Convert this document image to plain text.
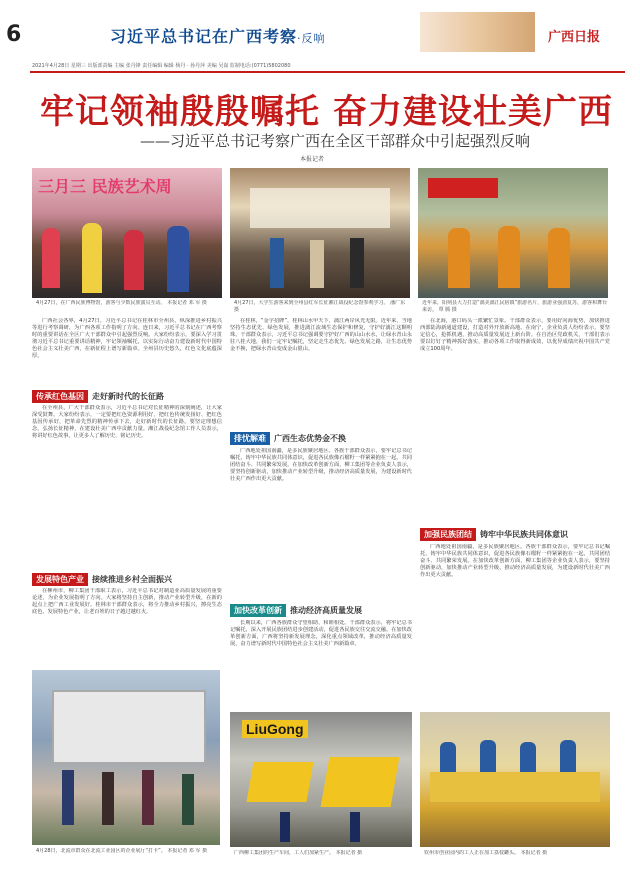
6	习近平总书记在广西考察·反响	广西日报
2021年4月28日 星期三 出版部责编 主编 张丹锋 责任编辑 编辑 杨丹 · 孙丹萍 美编 吴嵩 监制电话:(0771)5802080
牢记领袖殷殷嘱托 奋力建设壮美广西
——习近平总书记考察广西在全区干部群众中引起强烈反响
本报记者
三月三 民族艺术周
4月27日，在广西民族博物馆，游客与少数民族演员互动。 本报记者 邓 军 摄	4月27日，大学生游客来到全州县红军长征湘江战役纪念馆参观学习。 潘广东 摄
近年来，阳朔县大力打造“漓美漓江民宿镇”旅游名片，旅游业强劲复苏，游客和舞台来访。 覃 腾 摄

广西社会各界，4月27日，习近平总书记在桂林市全州县，纵深推进乡村振兴等进行考察调研，为广西各项工作指明了方向。连日来，习近平总书记在广西考察时的重要讲话在全区广大干部群众中引起强烈反响。大家纷纷表示，要深入学习贯彻习近平总书记重要讲话精神，牢记领袖嘱托，以实际行动奋力建设新时代中国特色社会主义壮美广西，在新征程上谱写新篇章。全州县历史悠久，红色文化底蕴深厚。

传承红色基因 走好新时代的长征路

在全州县，广大干部群众表示，习近平总书记对长征精神的深刻阐述，让大家深受鼓舞。大家纷纷表示，一定要把红色资源利用好、把红色传统发扬好、把红色基因传承好，把革命先烈的精神传承下去，走好新时代的长征路。要坚定理想信念，弘扬长征精神，在建设壮美广西中贡献力量。湘江战役纪念馆工作人员表示，将讲好红色故事，让更多人了解历史、铭记历史。

发展特色产业 接续推进乡村全面振兴

在柳州市，柳工集团干部职工表示，习近平总书记对制造业高质量发展的重要论述，为企业发展指明了方向。大家将坚持自主创新，推动产业转型升级，在新的起点上把广西工业发展好。桂林市干部群众表示，将全力推动乡村振兴，擦亮生态底色，发展特色产业，让老百姓的日子越过越红火。

4月28日，北流市群众在北流工业园区的企业展厅“打卡”。 本报记者 邓 军 摄

在桂林，“金字招牌”。桂林山水甲天下，漓江两岸风光无限。近年来，当地坚持生态优先、绿色发展，推进漓江流域生态保护和修复，守护好漓江这颗明珠。干部群众表示，习近平总书记强调要守护好广西的山山水水，让绿水青山永驻八桂大地，我们一定牢记嘱托，坚定走生态优先、绿色发展之路，让生态优势金不换，把绿水青山变成金山银山。

排忧解难 广西生态优势金不换

广西地处祖国南疆，是多民族聚居地区。各族干部群众表示，要牢记总书记嘱托，铸牢中华民族共同体意识，促进各民族像石榴籽一样紧紧抱在一起，共同团结奋斗、共同繁荣发展。在加快改革创新方面，柳工集团等企业负责人表示，要坚持创新驱动，加快推动产业转型升级，推动经济高质量发展，为建设新时代壮美广西作出更大贡献。

加快改革创新 推动经济高质量发展

长期以来，广西各族群众守望相助、和睦相处。干部群众表示，将牢记总书记嘱托，深入开展民族团结进步创建活动，促进各民族交往交流交融。在加快改革创新方面，广西将坚持新发展理念，深化重点领域改革，推动经济高质量发展，奋力谱写新时代中国特色社会主义壮美广西新篇章。

LiuGong
广西柳工集团的生产车间，工人们加紧生产。 本报记者 摄

在北海，港口码头一派繁忙景象。干部群众表示，要用好向海优势，加快推进西部陆海新通道建设，打造对外开放新高地。在南宁，企业负责人纷纷表示，要坚定信心，抢抓机遇，推动高质量发展迈上新台阶。在自治区党政机关，干部们表示要以钉钉子精神抓好落实，推动各项工作取得新成效，以优异成绩庆祝中国共产党成立100周年。

加强民族团结 铸牢中华民族共同体意识

广西地处祖国南疆，是多民族聚居地区。各族干部群众表示，要牢记总书记嘱托，铸牢中华民族共同体意识，促进各民族像石榴籽一样紧紧抱在一起，共同团结奋斗、共同繁荣发展。在加快改革创新方面，柳工集团等企业负责人表示，要坚持创新驱动，加快推动产业转型升级，推动经济高质量发展，为建设新时代壮美广西作出更大贡献。

钦州市创业园内的工人正在加工荔枝罐头。 本报记者 摄
